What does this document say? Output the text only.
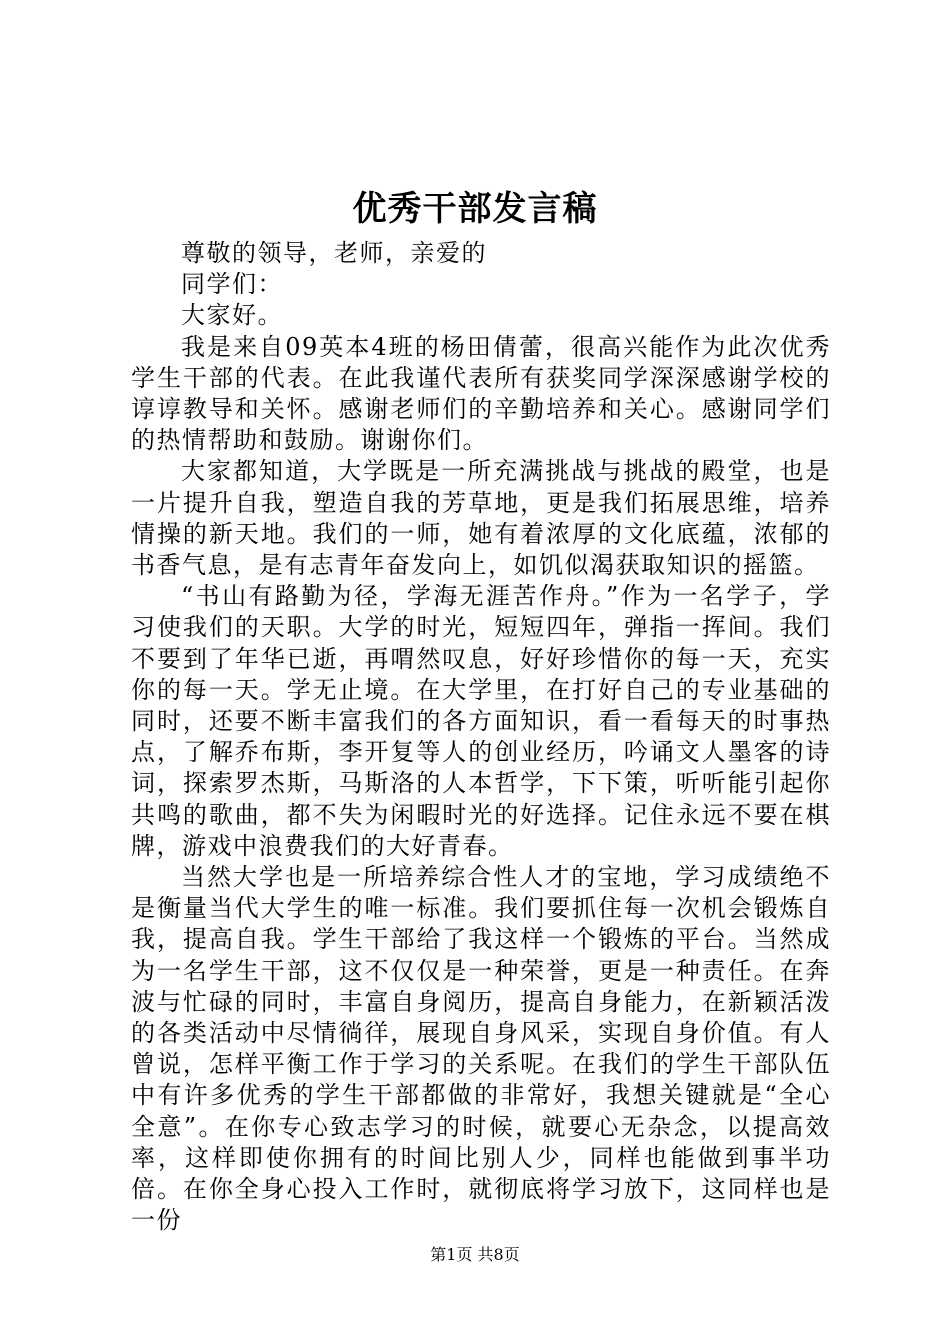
优秀干部发言稿

尊敬的领导，老师，亲爱的

同学们：

大家好。

我是来自09英本4班的杨田倩蕾，很高兴能作为此次优秀学生干部的代表。在此我谨代表所有获奖同学深深感谢学校的谆谆教导和关怀。感谢老师们的辛勤培养和关心。感谢同学们的热情帮助和鼓励。谢谢你们。

大家都知道，大学既是一所充满挑战与挑战的殿堂，也是一片提升自我，塑造自我的芳草地，更是我们拓展思维，培养情操的新天地。我们的一师，她有着浓厚的文化底蕴，浓郁的书香气息，是有志青年奋发向上，如饥似渴获取知识的摇篮。

“书山有路勤为径，学海无涯苦作舟。”作为一名学子，学习使我们的天职。大学的时光，短短四年，弹指一挥间。我们不要到了年华已逝，再喟然叹息，好好珍惜你的每一天，充实你的每一天。学无止境。在大学里，在打好自己的专业基础的同时，还要不断丰富我们的各方面知识，看一看每天的时事热点，了解乔布斯，李开复等人的创业经历，吟诵文人墨客的诗词，探索罗杰斯，马斯洛的人本哲学，下下策，听听能引起你共鸣的歌曲，都不失为闲暇时光的好选择。记住永远不要在棋牌，游戏中浪费我们的大好青春。

当然大学也是一所培养综合性人才的宝地，学习成绩绝不是衡量当代大学生的唯一标准。我们要抓住每一次机会锻炼自我，提高自我。学生干部给了我这样一个锻炼的平台。当然成为一名学生干部，这不仅仅是一种荣誉，更是一种责任。在奔波与忙碌的同时，丰富自身阅历，提高自身能力，在新颖活泼的各类活动中尽情徜徉，展现自身风采，实现自身价值。有人曾说，怎样平衡工作于学习的关系呢。在我们的学生干部队伍中有许多优秀的学生干部都做的非常好，我想关键就是“全心全意”。在你专心致志学习的时候，就要心无杂念，以提高效率，这样即使你拥有的时间比别人少，同样也能做到事半功倍。在你全身心投入工作时，就彻底将学习放下，这同样也是一份

第1页 共8页
